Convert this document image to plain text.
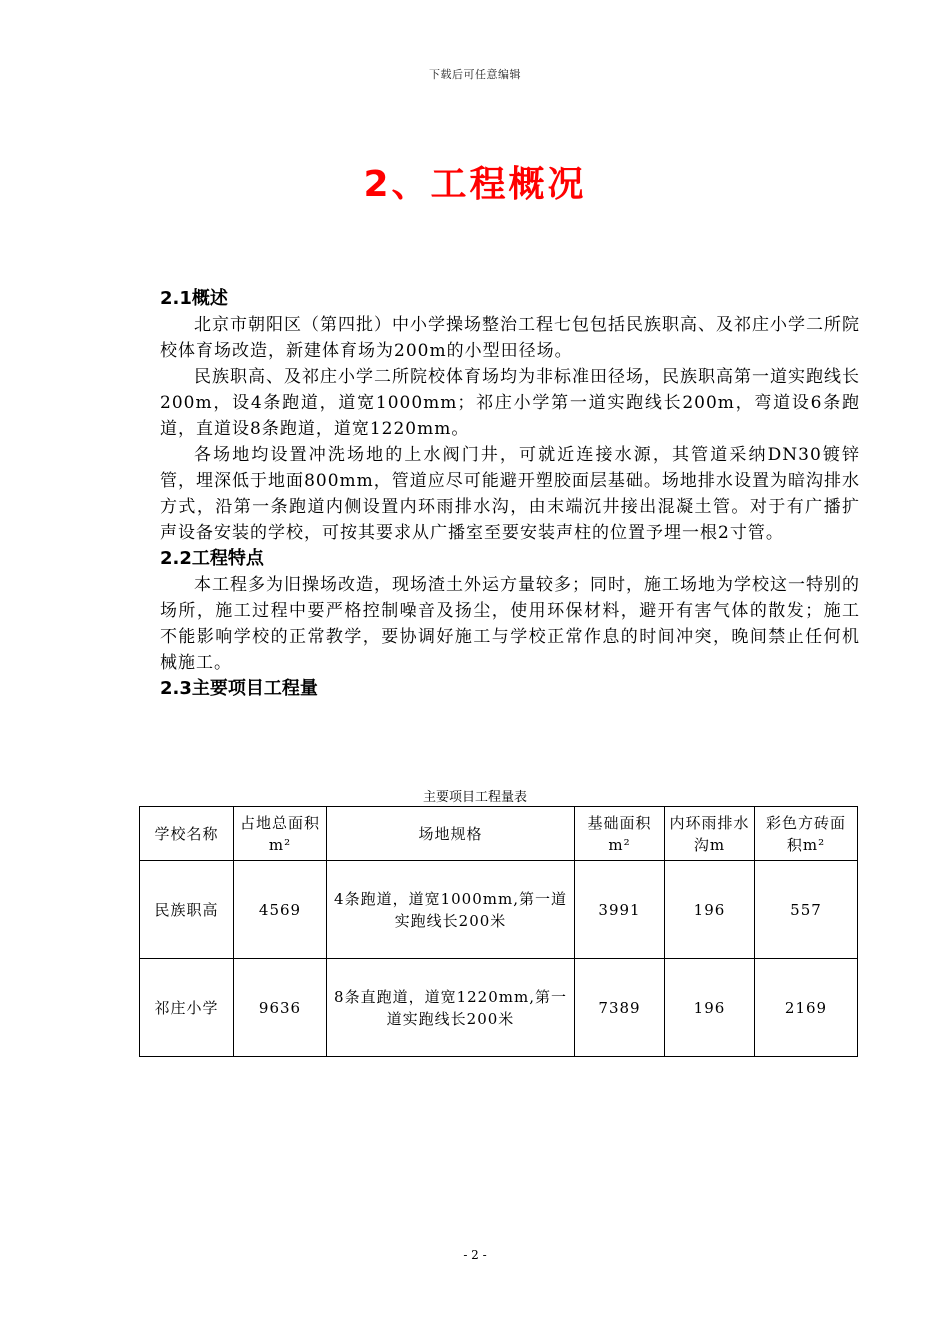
下载后可任意编辑
2、工程概况
2.1概述

北京市朝阳区（第四批）中小学操场整治工程七包包括民族职高、及祁庄小学二所院校体育场改造，新建体育场为200m的小型田径场。

民族职高、及祁庄小学二所院校体育场均为非标准田径场，民族职高第一道实跑线长200m，设4条跑道，道宽1000mm；祁庄小学第一道实跑线长200m，弯道设6条跑道，直道设8条跑道，道宽1220mm。

各场地均设置冲洗场地的上水阀门井，可就近连接水源，其管道采纳DN30镀锌管，埋深低于地面800mm，管道应尽可能避开塑胶面层基础。场地排水设置为暗沟排水方式，沿第一条跑道内侧设置内环雨排水沟，由末端沉井接出混凝土管。对于有广播扩声设备安装的学校，可按其要求从广播室至要安装声柱的位置予埋一根2寸管。

2.2工程特点

本工程多为旧操场改造，现场渣土外运方量较多；同时，施工场地为学校这一特别的场所，施工过程中要严格控制噪音及扬尘，使用环保材料，避开有害气体的散发；施工不能影响学校的正常教学，要协调好施工与学校正常作息的时间冲突，晚间禁止任何机械施工。

2.3主要项目工程量
主要项目工程量表
学校名称	占地总面积m²	场地规格	基础面积m²	内环雨排水沟m	彩色方砖面积m²
民族职高	4569	4条跑道，道宽1000mm,第一道实跑线长200米	3991	196	557
祁庄小学	9636	8条直跑道，道宽1220mm,第一道实跑线长200米	7389	196	2169
- 2 -
